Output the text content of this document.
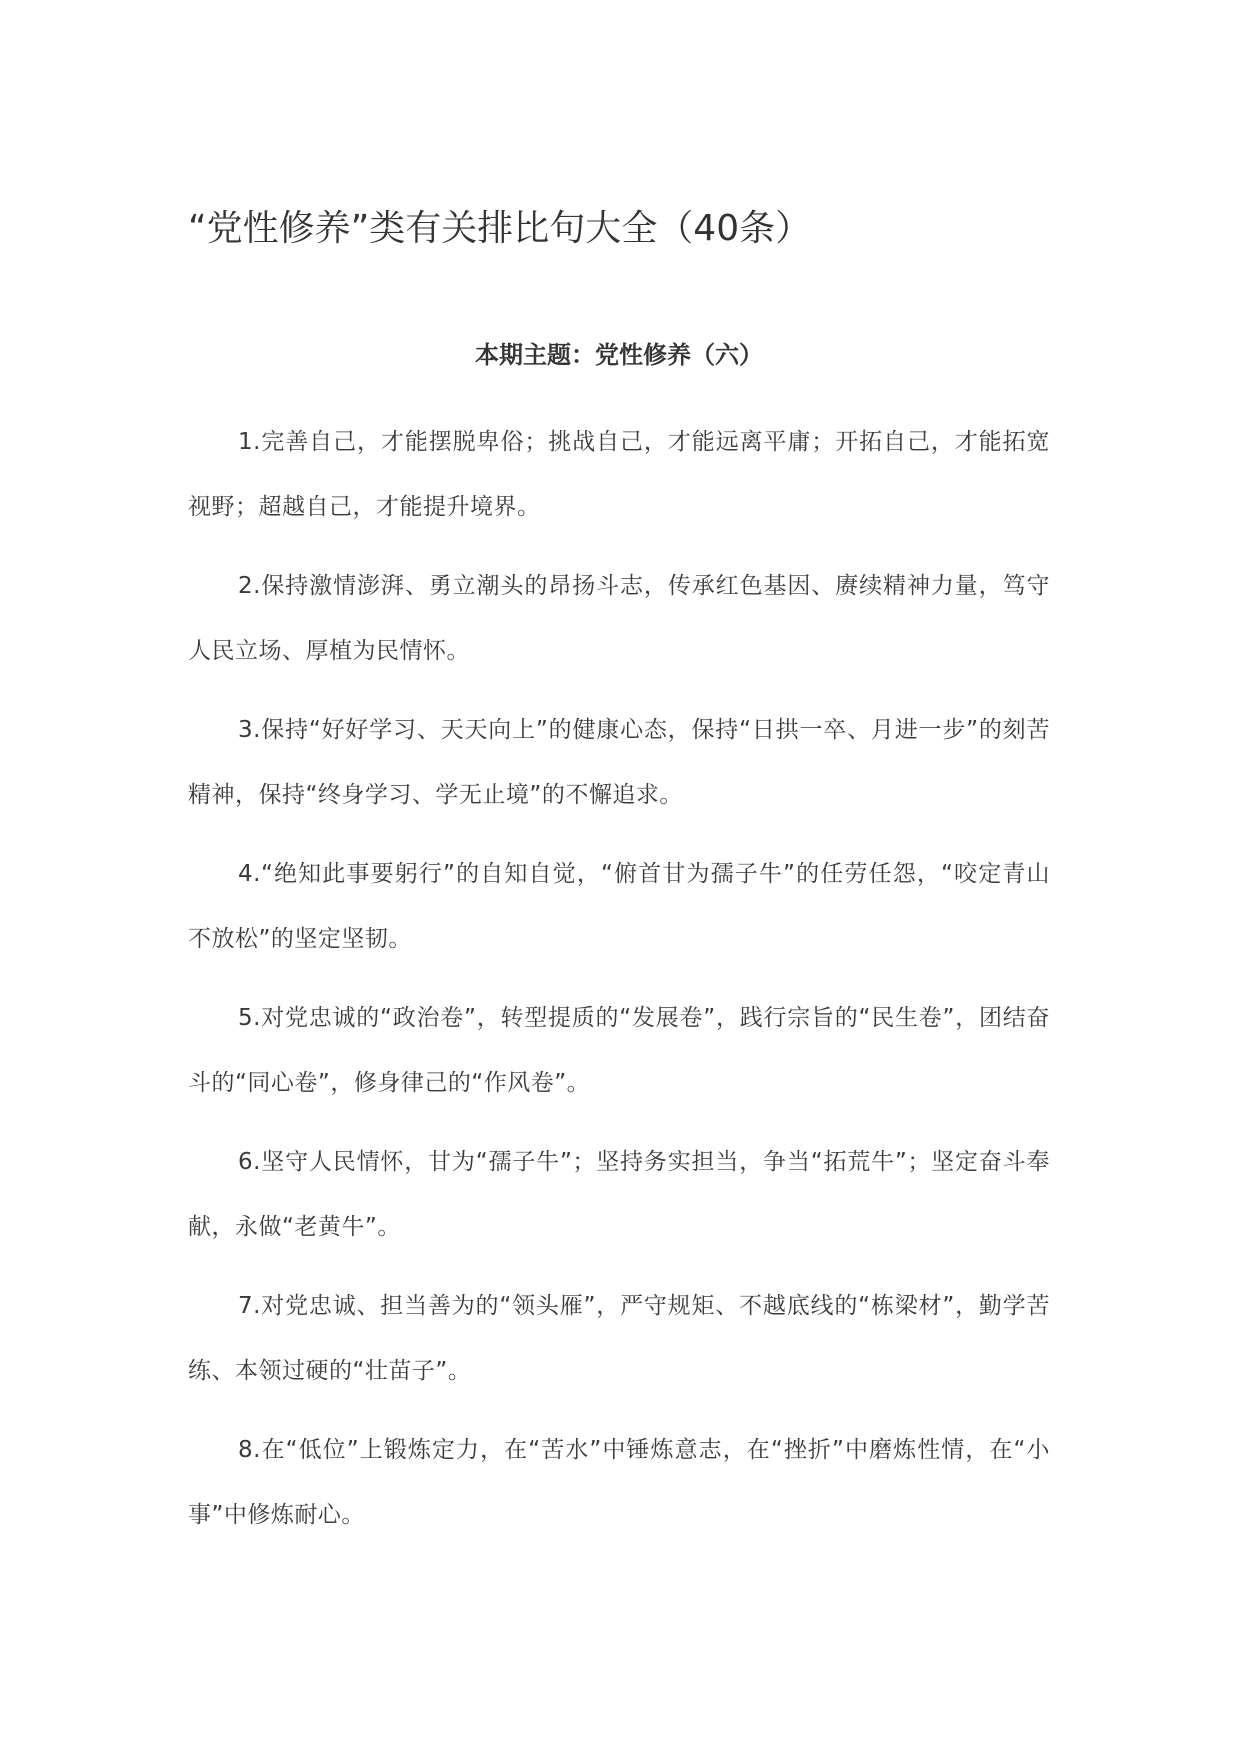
“党性修养”类有关排比句大全（40条）
本期主题：党性修养（六）
1.完善自己，才能摆脱卑俗；挑战自己，才能远离平庸；开拓自己，才能拓宽视野；超越自己，才能提升境界。
2.保持激情澎湃、勇立潮头的昂扬斗志，传承红色基因、赓续精神力量，笃守人民立场、厚植为民情怀。
3.保持“好好学习、天天向上”的健康心态，保持“日拱一卒、月进一步”的刻苦精神，保持“终身学习、学无止境”的不懈追求。
4.“绝知此事要躬行”的自知自觉，“俯首甘为孺子牛”的任劳任怨，“咬定青山不放松”的坚定坚韧。
5.对党忠诚的“政治卷”，转型提质的“发展卷”，践行宗旨的“民生卷”，团结奋斗的“同心卷”，修身律己的“作风卷”。
6.坚守人民情怀，甘为“孺子牛”；坚持务实担当，争当“拓荒牛”；坚定奋斗奉献，永做“老黄牛”。
7.对党忠诚、担当善为的“领头雁”，严守规矩、不越底线的“栋梁材”，勤学苦练、本领过硬的“壮苗子”。
8.在“低位”上锻炼定力，在“苦水”中锤炼意志，在“挫折”中磨炼性情，在“小事”中修炼耐心。
